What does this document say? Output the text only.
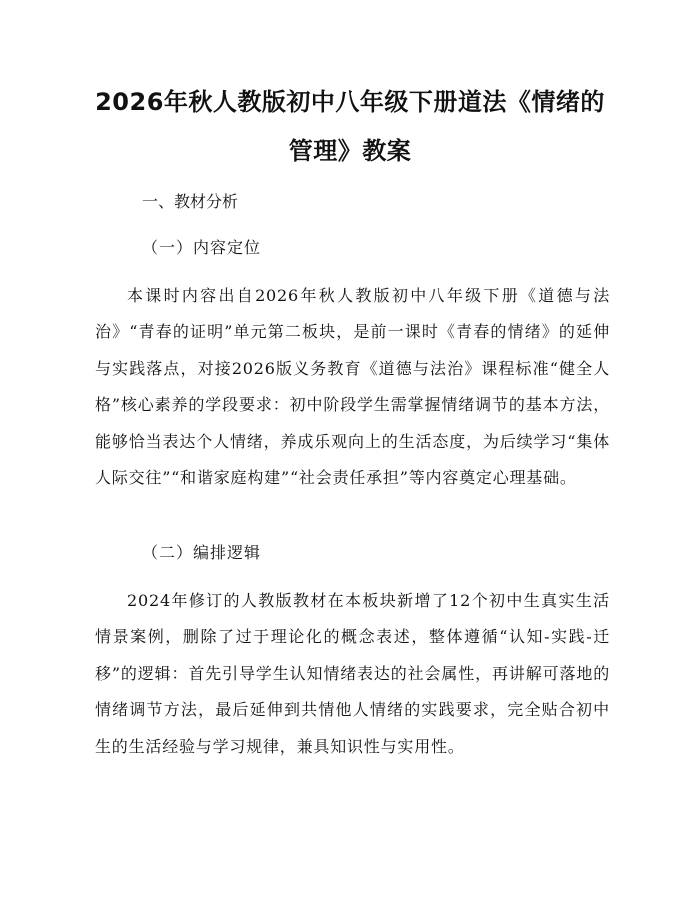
2026年秋人教版初中八年级下册道法《情绪的管理》教案

一、教材分析

（一）内容定位

本课时内容出自2026年秋人教版初中八年级下册《道德与法治》“青春的证明”单元第二板块，是前一课时《青春的情绪》的延伸与实践落点，对接2026版义务教育《道德与法治》课程标准“健全人格”核心素养的学段要求：初中阶段学生需掌握情绪调节的基本方法，能够恰当表达个人情绪，养成乐观向上的生活态度，为后续学习“集体人际交往”“和谐家庭构建”“社会责任承担”等内容奠定心理基础。

（二）编排逻辑

2024年修订的人教版教材在本板块新增了12个初中生真实生活情景案例，删除了过于理论化的概念表述，整体遵循“认知-实践-迁移”的逻辑：首先引导学生认知情绪表达的社会属性，再讲解可落地的情绪调节方法，最后延伸到共情他人情绪的实践要求，完全贴合初中生的生活经验与学习规律，兼具知识性与实用性。
